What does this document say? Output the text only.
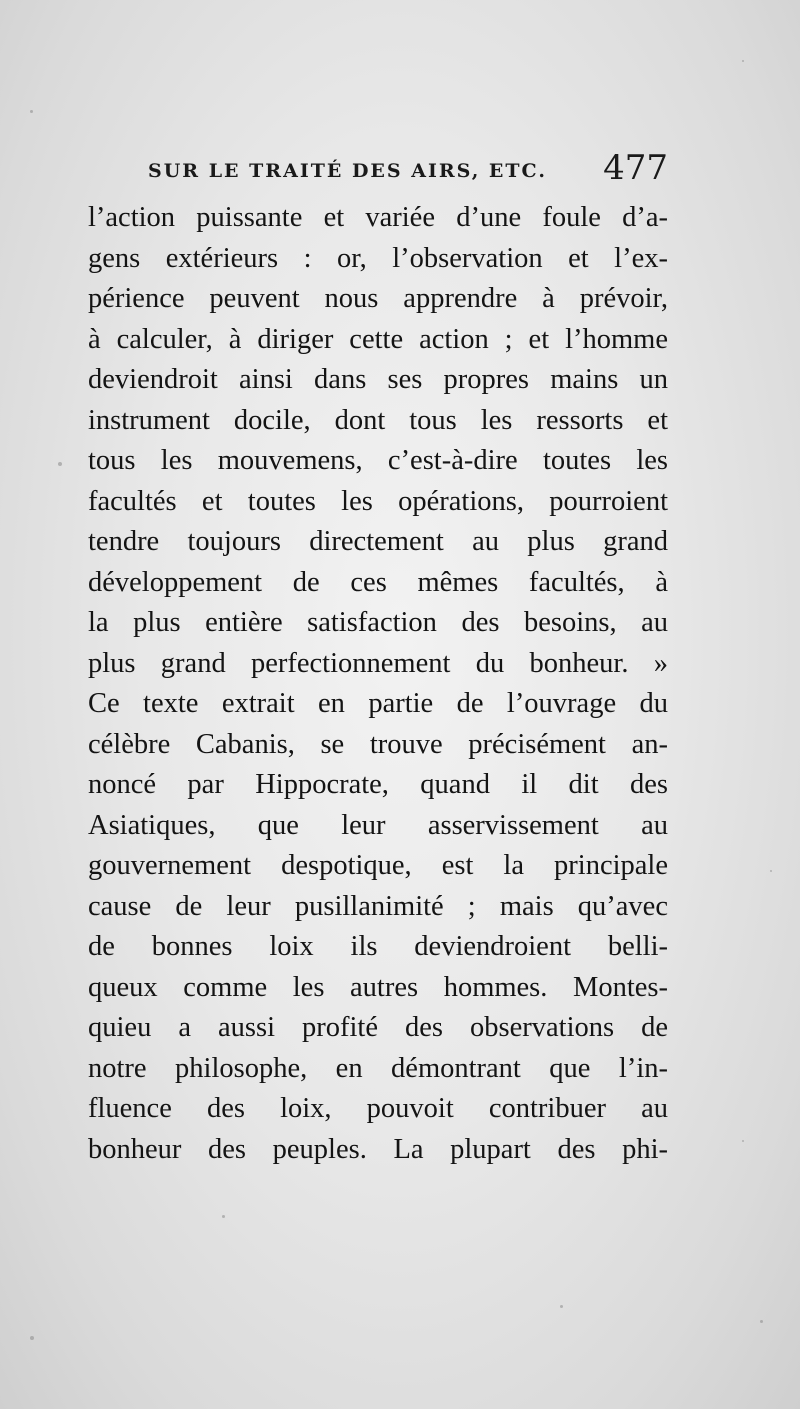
SUR LE TRAITÉ DES AIRS, ETC. 477
l’action puissante et variée d’une foule d’a-
gens extérieurs : or, l’observation et l’ex-
périence peuvent nous apprendre à prévoir,
à calculer, à diriger cette action ; et l’homme
deviendroit ainsi dans ses propres mains un
instrument docile, dont tous les ressorts et
tous les mouvemens, c’est-à-dire toutes les
facultés et toutes les opérations, pourroient
tendre toujours directement au plus grand
développement de ces mêmes facultés, à
la plus entière satisfaction des besoins, au
plus grand perfectionnement du bonheur. »
Ce texte extrait en partie de l’ouvrage du
célèbre Cabanis, se trouve précisément an-
noncé par Hippocrate, quand il dit des
Asiatiques, que leur asservissement au
gouvernement despotique, est la principale
cause de leur pusillanimité ; mais qu’avec
de bonnes loix ils deviendroient belli-
queux comme les autres hommes. Montes-
quieu a aussi profité des observations de
notre philosophe, en démontrant que l’in-
fluence des loix, pouvoit contribuer au
bonheur des peuples. La plupart des phi-
